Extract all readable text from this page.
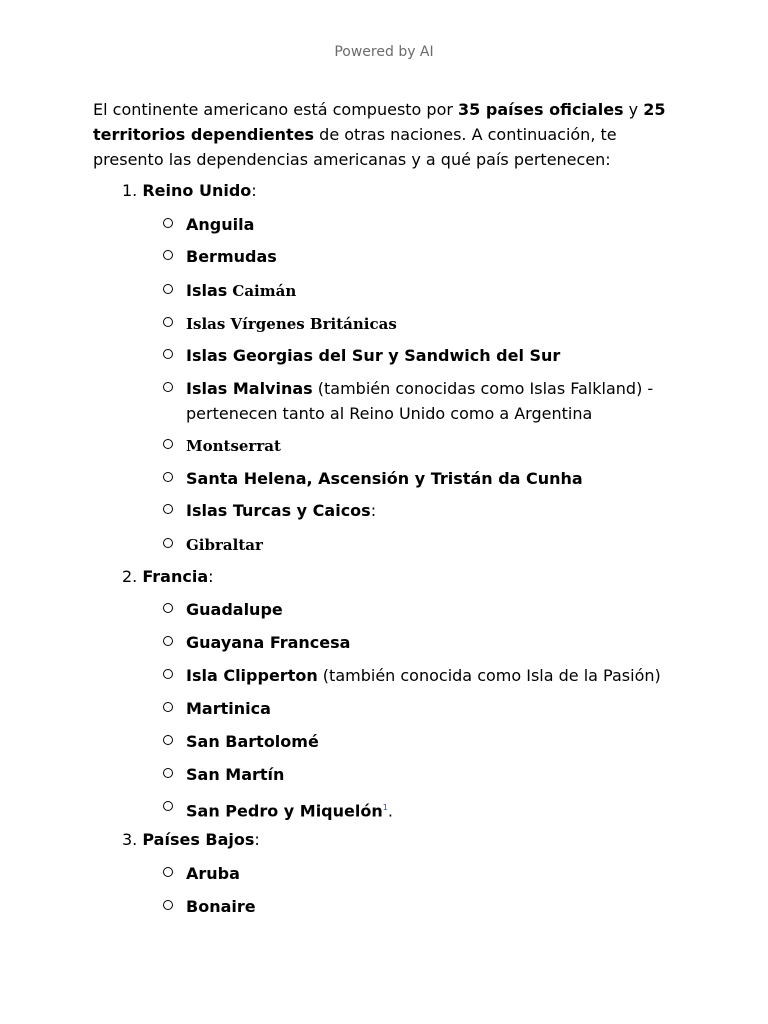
Powered by AI
El continente americano está compuesto por 35 países oficiales y 25 territorios dependientes de otras naciones. A continuación, te presento las dependencias americanas y a qué país pertenecen:
1. Reino Unido:
Anguila
Bermudas
Islas Caimán
Islas Vírgenes Británicas
Islas Georgias del Sur y Sandwich del Sur
Islas Malvinas (también conocidas como Islas Falkland) - pertenecen tanto al Reino Unido como a Argentina
Montserrat
Santa Helena, Ascensión y Tristán da Cunha
Islas Turcas y Caicos:
Gibraltar
2. Francia:
Guadalupe
Guayana Francesa
Isla Clipperton (también conocida como Isla de la Pasión)
Martinica
San Bartolomé
San Martín
San Pedro y Miquelón$^1$.
3. Países Bajos:
Aruba
Bonaire
